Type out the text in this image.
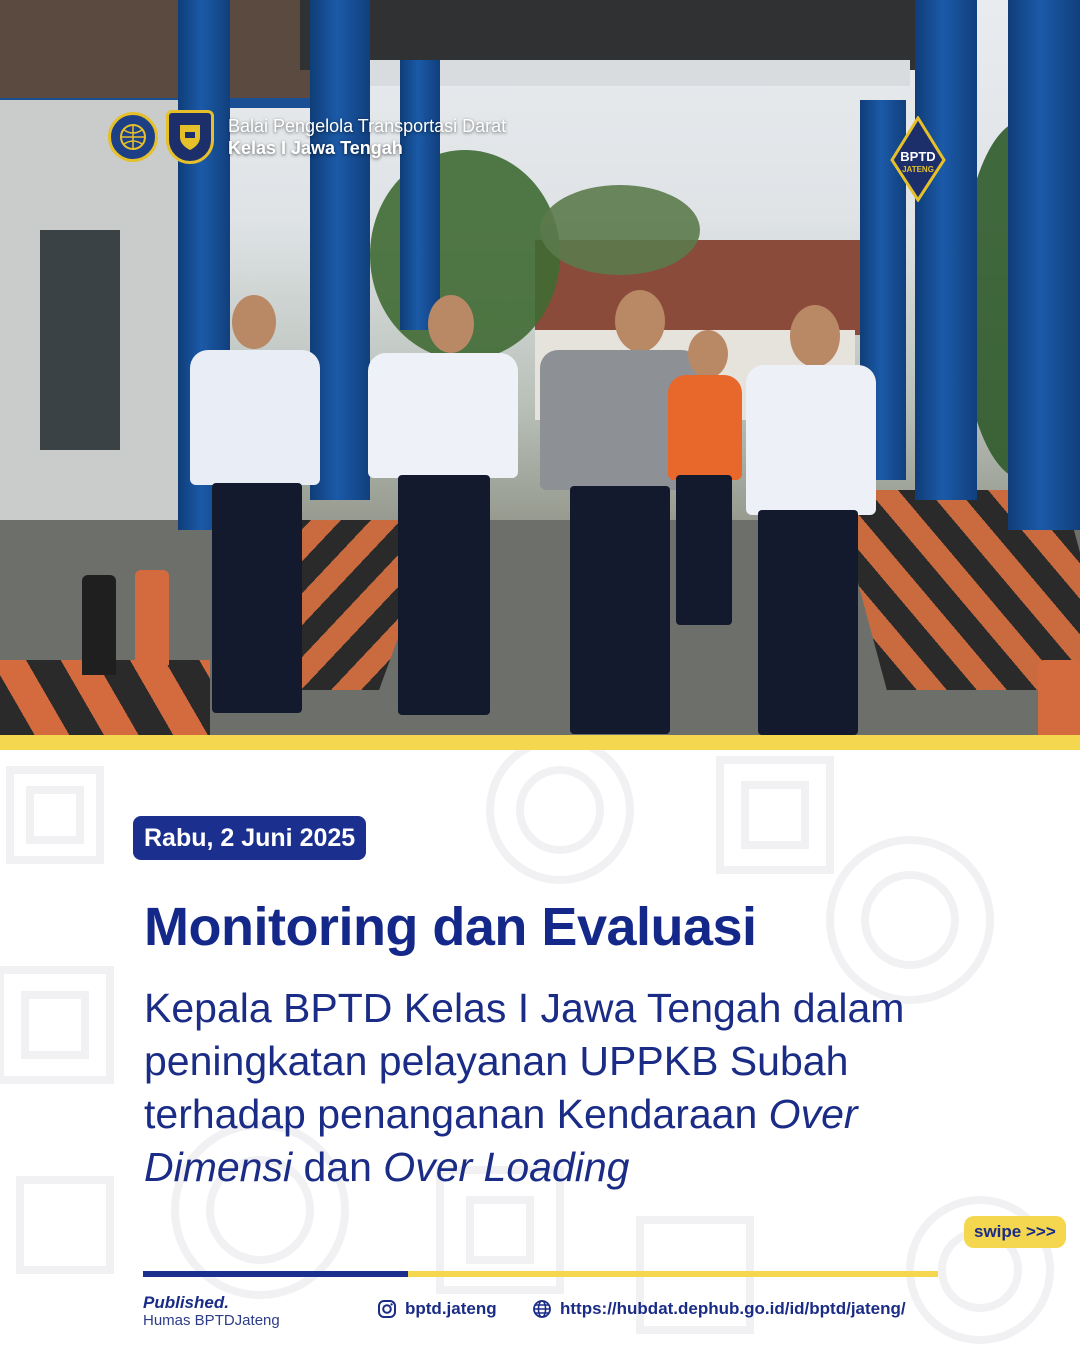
Balai Pengelola Transportasi Darat
Kelas I Jawa Tengah	BPTD
JATENG
Rabu, 2 Juni 2025
Monitoring dan Evaluasi
Kepala BPTD Kelas I Jawa Tengah dalam peningkatan pelayanan UPPKB Subah terhadap penanganan Kendaraan Over Dimensi dan Over Loading
swipe >>>
Published.
Humas BPTDJateng
bptd.jateng	https://hubdat.dephub.go.id/id/bptd/jateng/
